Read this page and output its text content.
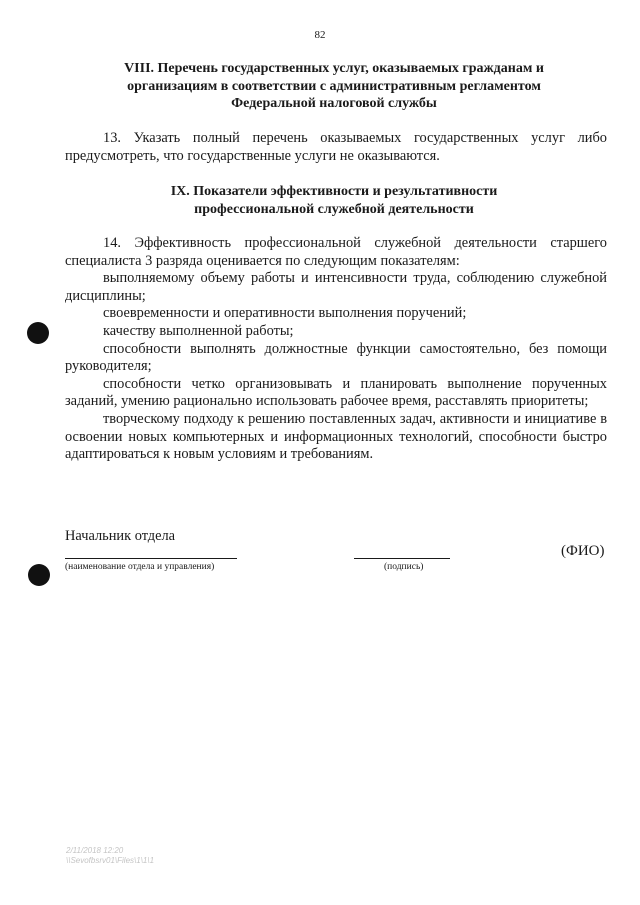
82
VIII. Перечень государственных услуг, оказываемых гражданам и
организациям в соответствии с административным регламентом
Федеральной налоговой службы

13. Указать полный перечень оказываемых государственных услуг либо предусмотреть, что государственные услуги не оказываются.

IX. Показатели эффективности и результативности
профессиональной служебной деятельности

14. Эффективность профессиональной служебной деятельности старшего специалиста 3 разряда оценивается по следующим показателям:

выполняемому объему работы и интенсивности труда, соблюдению служебной дисциплины;

своевременности и оперативности выполнения поручений;

качеству выполненной работы;

способности выполнять должностные функции самостоятельно, без помощи руководителя;

способности четко организовывать и планировать выполнение порученных заданий, умению рационально использовать рабочее время, расставлять приоритеты;

творческому подходу к решению поставленных задач, активности и инициативе в освоении новых компьютерных и информационных технологий, способности быстро адаптироваться к новым условиям и требованиям.

Начальник отдела
(наименование отдела и управления)	(подпись)
(ФИО)
2/11/2018 12:20
\\Sevofbsrv01\Files\1\1\1
